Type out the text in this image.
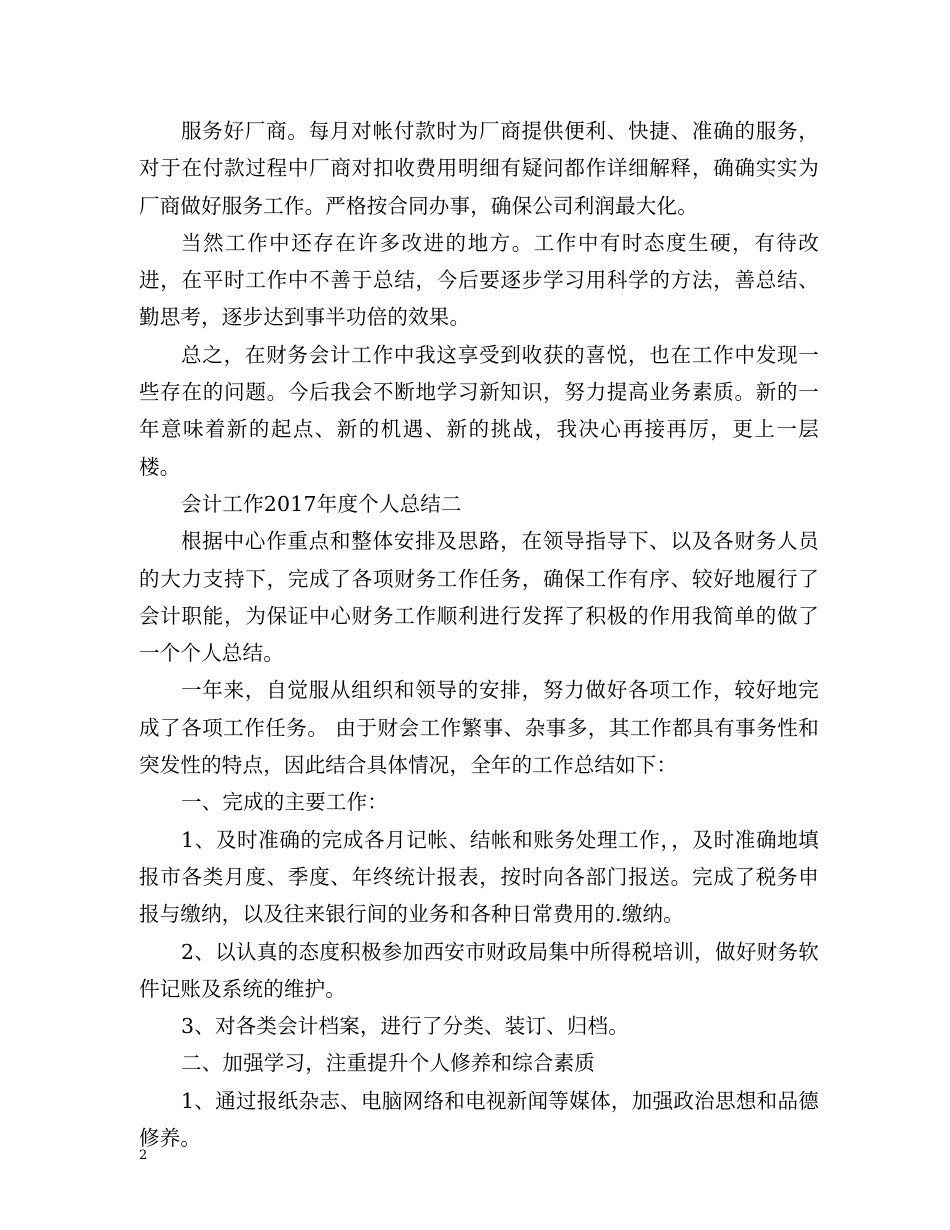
服务好厂商。每月对帐付款时为厂商提供便利、快捷、准确的服务，对于在付款过程中厂商对扣收费用明细有疑问都作详细解释，确确实实为厂商做好服务工作。严格按合同办事，确保公司利润最大化。

当然工作中还存在许多改进的地方。工作中有时态度生硬，有待改进，在平时工作中不善于总结，今后要逐步学习用科学的方法，善总结、勤思考，逐步达到事半功倍的效果。

总之，在财务会计工作中我这享受到收获的喜悦，也在工作中发现一些存在的问题。今后我会不断地学习新知识，努力提高业务素质。新的一年意味着新的起点、新的机遇、新的挑战，我决心再接再厉，更上一层楼。

会计工作2017年度个人总结二

根据中心作重点和整体安排及思路，在领导指导下、以及各财务人员的大力支持下，完成了各项财务工作任务，确保工作有序、较好地履行了会计职能，为保证中心财务工作顺利进行发挥了积极的作用我简单的做了一个个人总结。

一年来，自觉服从组织和领导的安排，努力做好各项工作，较好地完成了各项工作任务。 由于财会工作繁事、杂事多，其工作都具有事务性和突发性的特点，因此结合具体情况，全年的工作总结如下：

一、完成的主要工作：

1、及时准确的完成各月记帐、结帐和账务处理工作，，及时准确地填报市各类月度、季度、年终统计报表，按时向各部门报送。完成了税务申报与缴纳，以及往来银行间的业务和各种日常费用的.缴纳。

2、以认真的态度积极参加西安市财政局集中所得税培训，做好财务软件记账及系统的维护。

3、对各类会计档案，进行了分类、装订、归档。

二、加强学习，注重提升个人修养和综合素质

1、通过报纸杂志、电脑网络和电视新闻等媒体，加强政治思想和品德修养。

2
